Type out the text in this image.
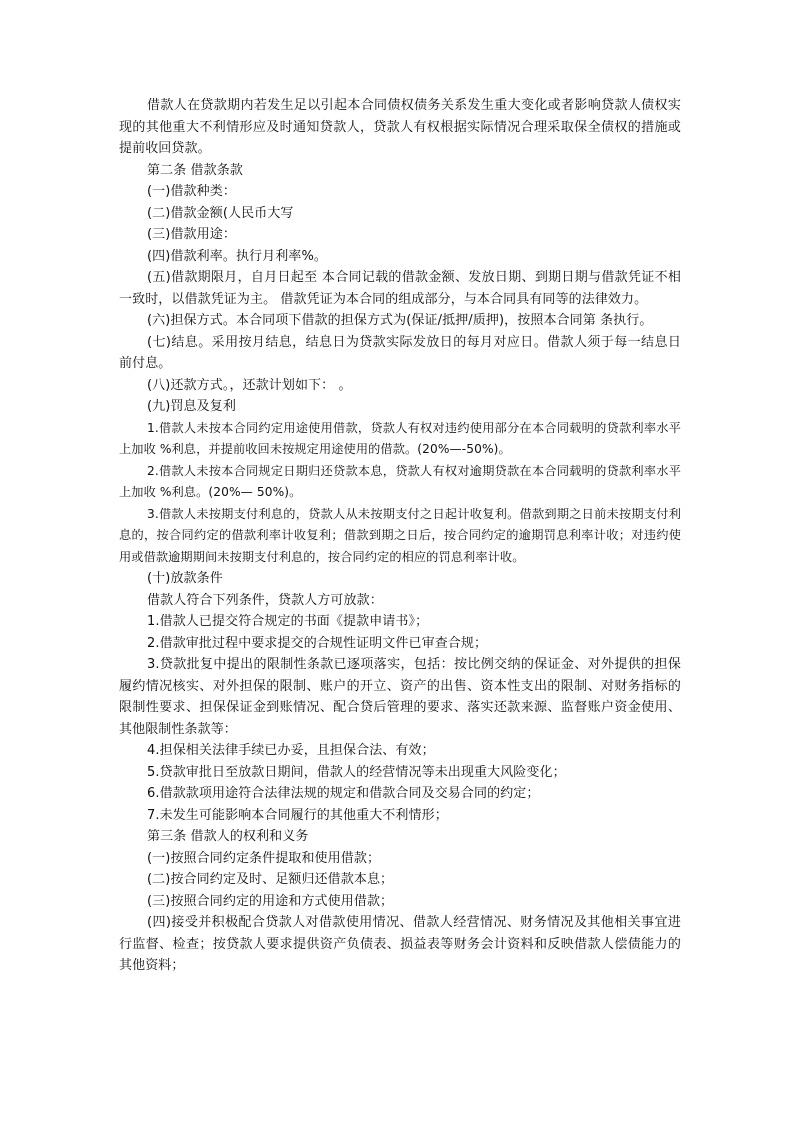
借款人在贷款期内若发生足以引起本合同债权债务关系发生重大变化或者影响贷款人债权实现的其他重大不利情形应及时通知贷款人，贷款人有权根据实际情况合理采取保全债权的措施或提前收回贷款。

第二条 借款条款

(一)借款种类：

(二)借款金额(人民币大写

(三)借款用途：

(四)借款利率。执行月利率%。

(五)借款期限月，自月日起至 本合同记载的借款金额、发放日期、到期日期与借款凭证不相一致时，以借款凭证为主。 借款凭证为本合同的组成部分，与本合同具有同等的法律效力。

(六)担保方式。本合同项下借款的担保方式为(保证/抵押/质押)，按照本合同第 条执行。

(七)结息。采用按月结息，结息日为贷款实际发放日的每月对应日。借款人须于每一结息日前付息。

(八)还款方式。，还款计划如下： 。

(九)罚息及复利

1.借款人未按本合同约定用途使用借款，贷款人有权对违约使用部分在本合同载明的贷款利率水平上加收 %利息，并提前收回未按规定用途使用的借款。(20%—-50%)。

2.借款人未按本合同规定日期归还贷款本息，贷款人有权对逾期贷款在本合同载明的贷款利率水平上加收 %利息。(20%— 50%)。

3.借款人未按期支付利息的，贷款人从未按期支付之日起计收复利。借款到期之日前未按期支付利息的，按合同约定的借款利率计收复利；借款到期之日后，按合同约定的逾期罚息利率计收；对违约使用或借款逾期期间未按期支付利息的，按合同约定的相应的罚息利率计收。

(十)放款条件

借款人符合下列条件，贷款人方可放款：

1.借款人已提交符合规定的书面《提款申请书》；

2.借款审批过程中要求提交的合规性证明文件已审查合规；

3.贷款批复中提出的限制性条款已逐项落实，包括：按比例交纳的保证金、对外提供的担保履约情况核实、对外担保的限制、账户的开立、资产的出售、资本性支出的限制、对财务指标的限制性要求、担保保证金到账情况、配合贷后管理的要求、落实还款来源、监督账户资金使用、其他限制性条款等：

4.担保相关法律手续已办妥，且担保合法、有效；

5.贷款审批日至放款日期间，借款人的经营情况等未出现重大风险变化；

6.借款款项用途符合法律法规的规定和借款合同及交易合同的约定；

7.未发生可能影响本合同履行的其他重大不利情形；

第三条 借款人的权利和义务

(一)按照合同约定条件提取和使用借款；

(二)按合同约定及时、足额归还借款本息；

(三)按照合同约定的用途和方式使用借款；

(四)接受并积极配合贷款人对借款使用情况、借款人经营情况、财务情况及其他相关事宜进行监督、检查；按贷款人要求提供资产负债表、损益表等财务会计资料和反映借款人偿债能力的其他资料；
